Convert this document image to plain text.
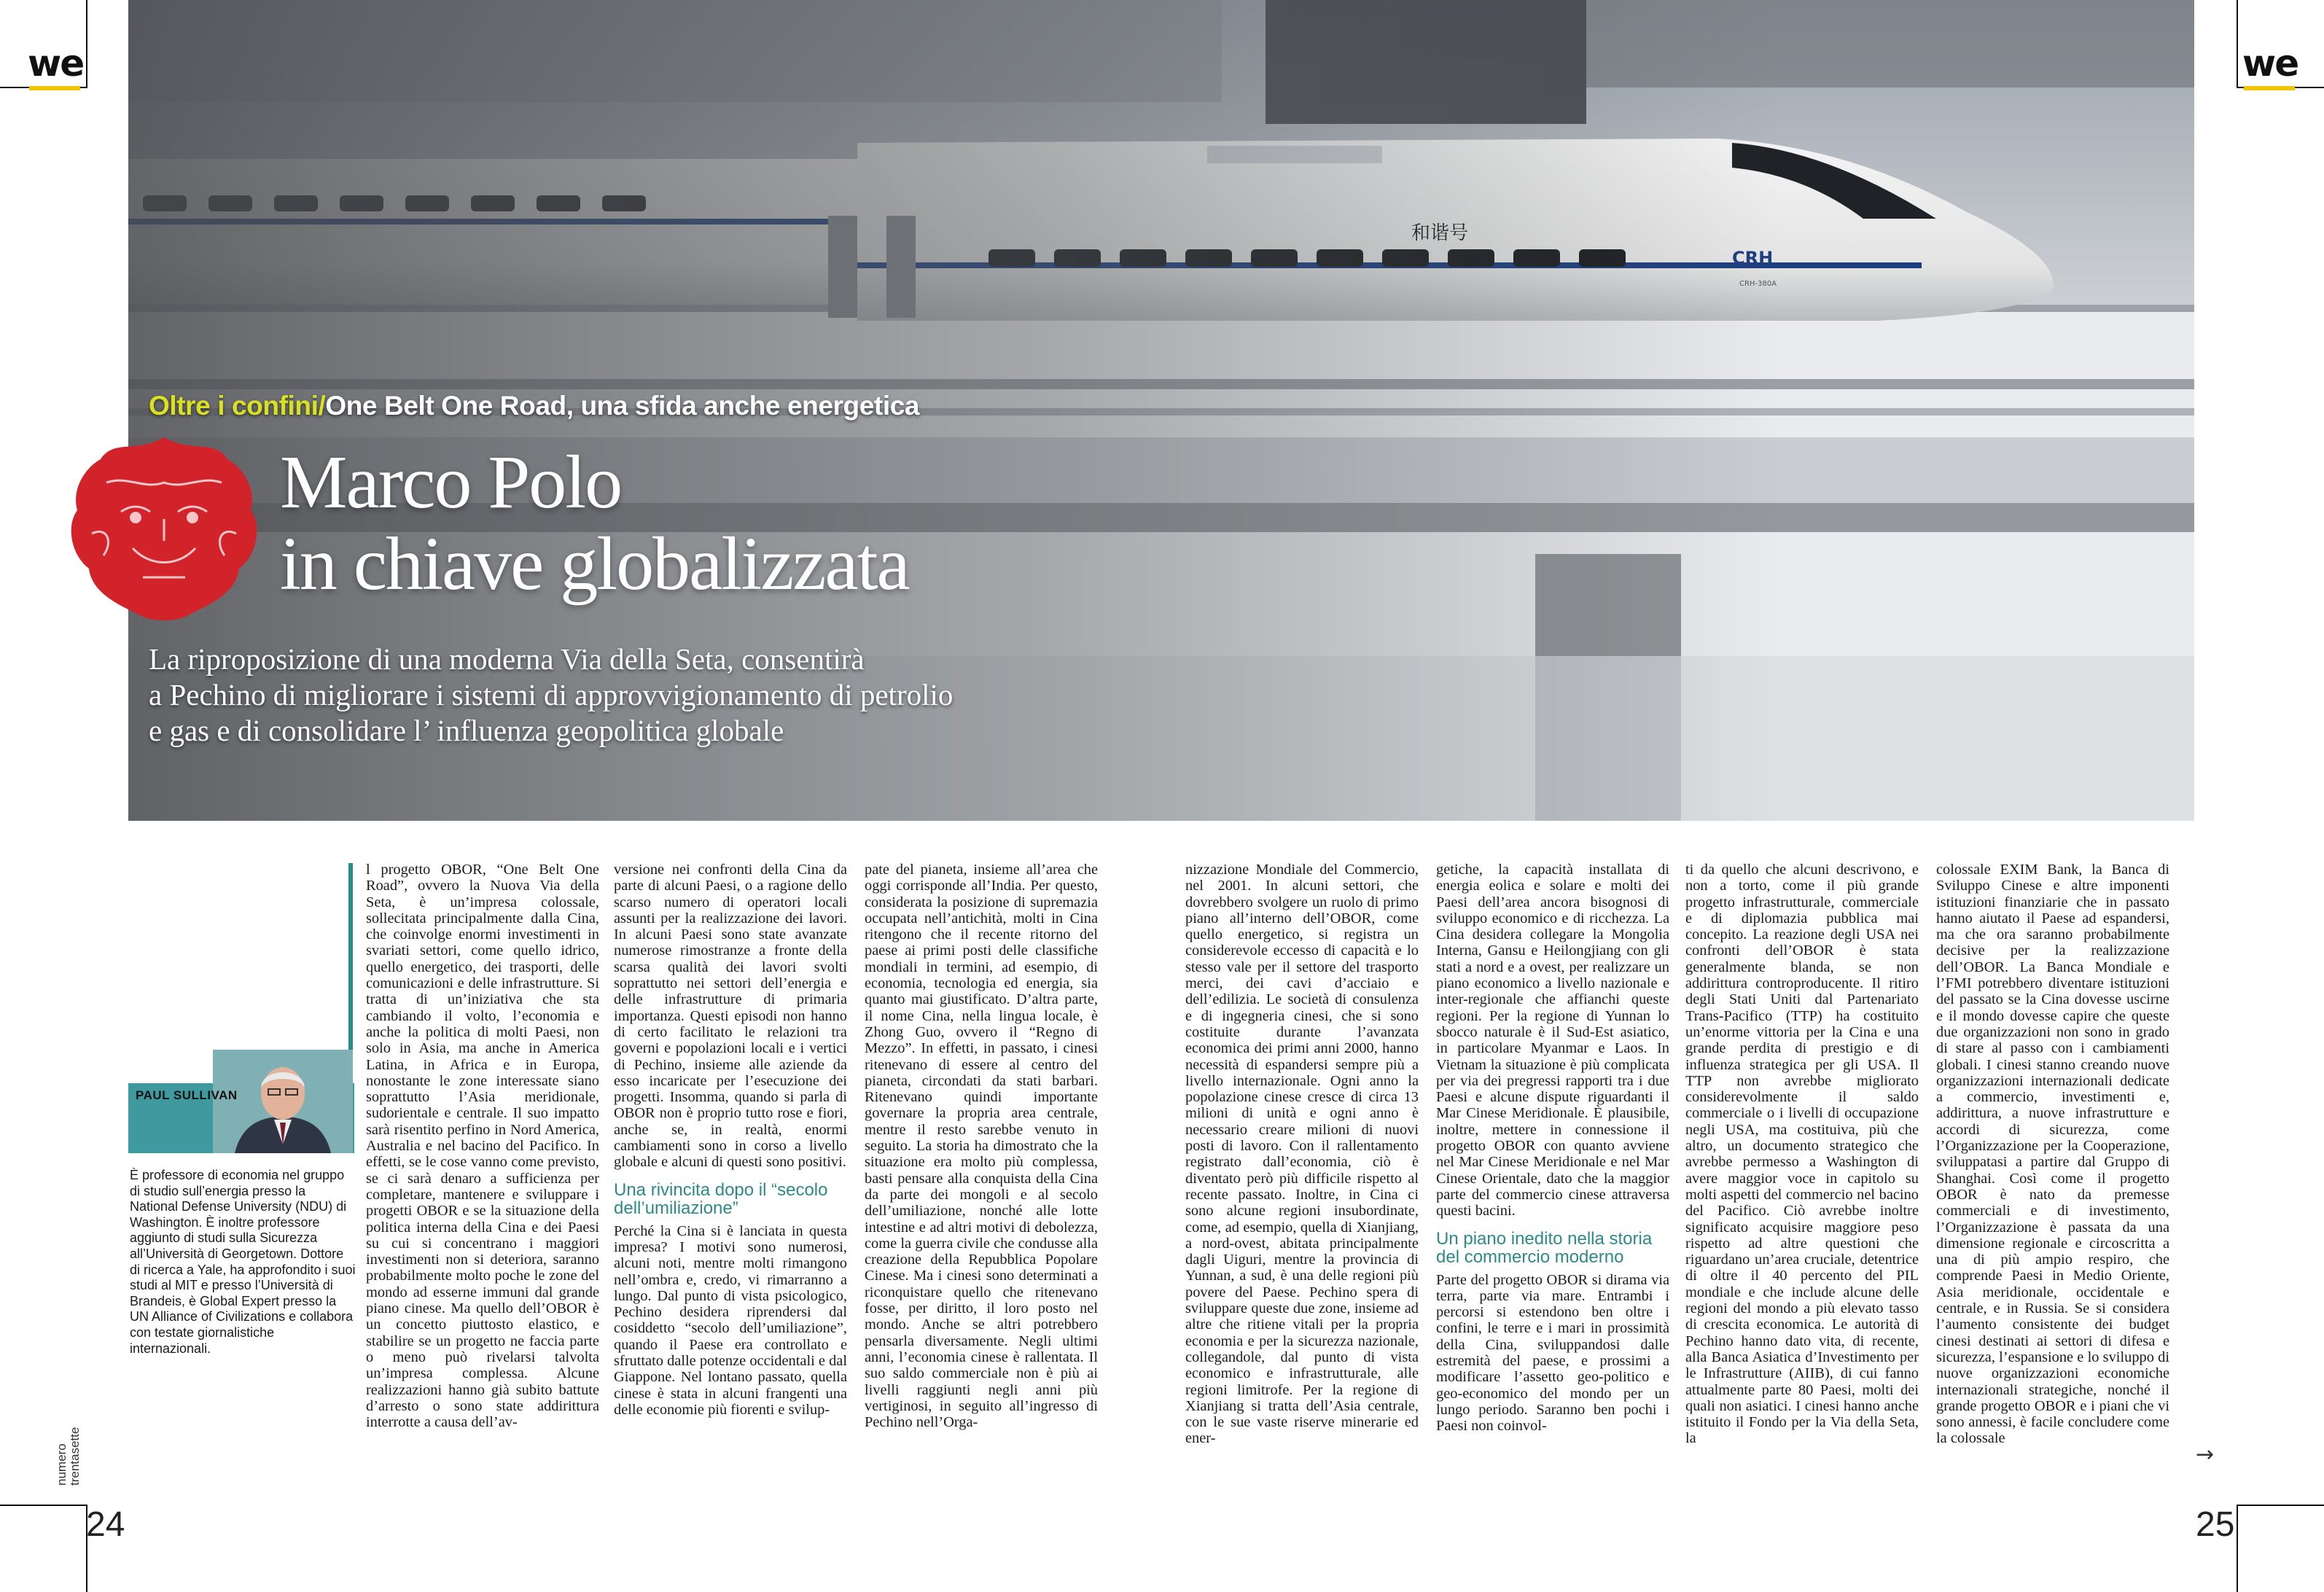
we	we
Oltre i confini/One Belt One Road, una sfida anche energetica
Marco Polo
in chiave globalizzata
La riproposizione di una moderna Via della Seta, consentirà
a Pechino di migliorare i sistemi di approvvigionamento di petrolio
e gas e di consolidare l’ influenza geopolitica globale
PAUL SULLIVAN
È professore di economia nel gruppo di studio sull’energia presso la National Defense University (NDU) di Washington. È inoltre professore aggiunto di studi sulla Sicurezza all’Università di Georgetown. Dottore di ricerca a Yale, ha approfondito i suoi studi al MIT e presso l’Università di Brandeis, è Global Expert presso la UN Alliance of Civilizations e collabora con testate giornalistiche internazionali.

l progetto OBOR, “One Belt One Road”, ovvero la Nuova Via della Seta, è un’impresa colossale, sollecitata principalmente dalla Cina, che coinvolge enormi investimenti in svariati settori, come quello idrico, quello energetico, dei trasporti, delle comunicazioni e delle infrastrutture. Si tratta di un’iniziativa che sta cambiando il volto, l’economia e anche la politica di molti Paesi, non solo in Asia, ma anche in America Latina, in Africa e in Europa, nonostante le zone interessate siano soprattutto l’Asia meridionale, sudorientale e centrale. Il suo impatto sarà risentito perfino in Nord America, Australia e nel bacino del Pacifico. In effetti, se le cose vanno come previsto, se ci sarà denaro a sufficienza per completare, mantenere e sviluppare i progetti OBOR e se la situazione della politica interna della Cina e dei Paesi su cui si concentrano i maggiori investimenti non si deteriora, saranno probabilmente molto poche le zone del mondo ad esserne immuni dal grande piano cinese. Ma quello dell’OBOR è un concetto piuttosto elastico, e stabilire se un progetto ne faccia parte o meno può rivelarsi talvolta un’impresa complessa. Alcune realizzazioni hanno già subito battute d’arresto o sono state addirittura interrotte a causa dell’av-

versione nei confronti della Cina da parte di alcuni Paesi, o a ragione dello scarso numero di operatori locali assunti per la realizzazione dei lavori. In alcuni Paesi sono state avanzate numerose rimostranze a fronte della scarsa qualità dei lavori svolti soprattutto nei settori dell’energia e delle infrastrutture di primaria importanza. Questi episodi non hanno di certo facilitato le relazioni tra governi e popolazioni locali e i vertici di Pechino, insieme alle aziende da esso incaricate per l’esecuzione dei progetti. Insomma, quando si parla di OBOR non è proprio tutto rose e fiori, anche se, in realtà, enormi cambiamenti sono in corso a livello globale e alcuni di questi sono positivi.

Una rivincita dopo il “secolo dell’umiliazione”

Perché la Cina si è lanciata in questa impresa? I motivi sono numerosi, alcuni noti, mentre molti rimangono nell’ombra e, credo, vi rimarranno a lungo. Dal punto di vista psicologico, Pechino desidera riprendersi dal cosiddetto “secolo dell’umiliazione”, quando il Paese era controllato e sfruttato dalle potenze occidentali e dal Giappone. Nel lontano passato, quella cinese è stata in alcuni frangenti una delle economie più fiorenti e svilup-

pate del pianeta, insieme all’area che oggi corrisponde all’India. Per questo, considerata la posizione di supremazia occupata nell’antichità, molti in Cina ritengono che il recente ritorno del paese ai primi posti delle classifiche mondiali in termini, ad esempio, di economia, tecnologia ed energia, sia quanto mai giustificato. D’altra parte, il nome Cina, nella lingua locale, è Zhong Guo, ovvero il “Regno di Mezzo”. In effetti, in passato, i cinesi ritenevano di essere al centro del pianeta, circondati da stati barbari. Ritenevano quindi importante governare la propria area centrale, mentre il resto sarebbe venuto in seguito. La storia ha dimostrato che la situazione era molto più complessa, basti pensare alla conquista della Cina da parte dei mongoli e al secolo dell’umiliazione, nonché alle lotte intestine e ad altri motivi di debolezza, come la guerra civile che condusse alla creazione della Repubblica Popolare Cinese. Ma i cinesi sono determinati a riconquistare quello che ritenevano fosse, per diritto, il loro posto nel mondo. Anche se altri potrebbero pensarla diversamente. Negli ultimi anni, l’economia cinese è rallentata. Il suo saldo commerciale non è più ai livelli raggiunti negli anni più vertiginosi, in seguito all’ingresso di Pechino nell’Orga-

nizzazione Mondiale del Commercio, nel 2001. In alcuni settori, che dovrebbero svolgere un ruolo di primo piano all’interno dell’OBOR, come quello energetico, si registra un considerevole eccesso di capacità e lo stesso vale per il settore del trasporto merci, dei cavi d’acciaio e dell’edilizia. Le società di consulenza e di ingegneria cinesi, che si sono costituite durante l’avanzata economica dei primi anni 2000, hanno necessità di espandersi sempre più a livello internazionale. Ogni anno la popolazione cinese cresce di circa 13 milioni di unità e ogni anno è necessario creare milioni di nuovi posti di lavoro. Con il rallentamento registrato dall’economia, ciò è diventato però più difficile rispetto al recente passato. Inoltre, in Cina ci sono alcune regioni insubordinate, come, ad esempio, quella di Xianjiang, a nord-ovest, abitata principalmente dagli Uiguri, mentre la provincia di Yunnan, a sud, è una delle regioni più povere del Paese. Pechino spera di sviluppare queste due zone, insieme ad altre che ritiene vitali per la propria economia e per la sicurezza nazionale, collegandole, dal punto di vista economico e infrastrutturale, alle regioni limitrofe. Per la regione di Xianjiang si tratta dell’Asia centrale, con le sue vaste riserve minerarie ed ener-

getiche, la capacità installata di energia eolica e solare e molti dei Paesi dell’area ancora bisognosi di sviluppo economico e di ricchezza. La Cina desidera collegare la Mongolia Interna, Gansu e Heilongjiang con gli stati a nord e a ovest, per realizzare un piano economico a livello nazionale e inter-regionale che affianchi queste regioni. Per la regione di Yunnan lo sbocco naturale è il Sud-Est asiatico, in particolare Myanmar e Laos. In Vietnam la situazione è più complicata per via dei pregressi rapporti tra i due Paesi e alcune dispute riguardanti il Mar Cinese Meridionale. È plausibile, inoltre, mettere in connessione il progetto OBOR con quanto avviene nel Mar Cinese Meridionale e nel Mar Cinese Orientale, dato che la maggior parte del commercio cinese attraversa questi bacini.

Un piano inedito nella storia del commercio moderno

Parte del progetto OBOR si dirama via terra, parte via mare. Entrambi i percorsi si estendono ben oltre i confini, le terre e i mari in prossimità della Cina, sviluppandosi dalle estremità del paese, e prossimi a modificare l’assetto geo-politico e geo-economico del mondo per un lungo periodo. Saranno ben pochi i Paesi non coinvol-

ti da quello che alcuni descrivono, e non a torto, come il più grande progetto infrastrutturale, commerciale e di diplomazia pubblica mai concepito. La reazione degli USA nei confronti dell’OBOR è stata generalmente blanda, se non addirittura controproducente. Il ritiro degli Stati Uniti dal Partenariato Trans-Pacifico (TTP) ha costituito un’enorme vittoria per la Cina e una grande perdita di prestigio e di influenza strategica per gli USA. Il TTP non avrebbe migliorato considerevolmente il saldo commerciale o i livelli di occupazione negli USA, ma costituiva, più che altro, un documento strategico che avrebbe permesso a Washington di avere maggior voce in capitolo su molti aspetti del commercio nel bacino del Pacifico. Ciò avrebbe inoltre significato acquisire maggiore peso rispetto ad altre questioni che riguardano un’area cruciale, detentrice di oltre il 40 percento del PIL mondiale e che include alcune delle regioni del mondo a più elevato tasso di crescita economica. Le autorità di Pechino hanno dato vita, di recente, alla Banca Asiatica d’Investimento per le Infrastrutture (AIIB), di cui fanno attualmente parte 80 Paesi, molti dei quali non asiatici. I cinesi hanno anche istituito il Fondo per la Via della Seta, la

colossale EXIM Bank, la Banca di Sviluppo Cinese e altre imponenti istituzioni finanziarie che in passato hanno aiutato il Paese ad espandersi, ma che ora saranno probabilmente decisive per la realizzazione dell’OBOR. La Banca Mondiale e l’FMI potrebbero diventare istituzioni del passato se la Cina dovesse uscirne e il mondo dovesse capire che queste due organizzazioni non sono in grado di stare al passo con i cambiamenti globali. I cinesi stanno creando nuove organizzazioni internazionali dedicate a commercio, investimenti e, addirittura, a nuove infrastrutture e accordi di sicurezza, come l’Organizzazione per la Cooperazione, sviluppatasi a partire dal Gruppo di Shanghai. Così come il progetto OBOR è nato da premesse commerciali e di investimento, l’Organizzazione è passata da una dimensione regionale e circoscritta a una di più ampio respiro, che comprende Paesi in Medio Oriente, Asia meridionale, occidentale e centrale, e in Russia. Se si considera l’aumento consistente dei budget cinesi destinati ai settori di difesa e sicurezza, l’espansione e lo sviluppo di nuove organizzazioni economiche internazionali strategiche, nonché il grande progetto OBOR e i piani che vi sono annessi, è facile concludere come la colossale

numero trentasette
24	25
→
